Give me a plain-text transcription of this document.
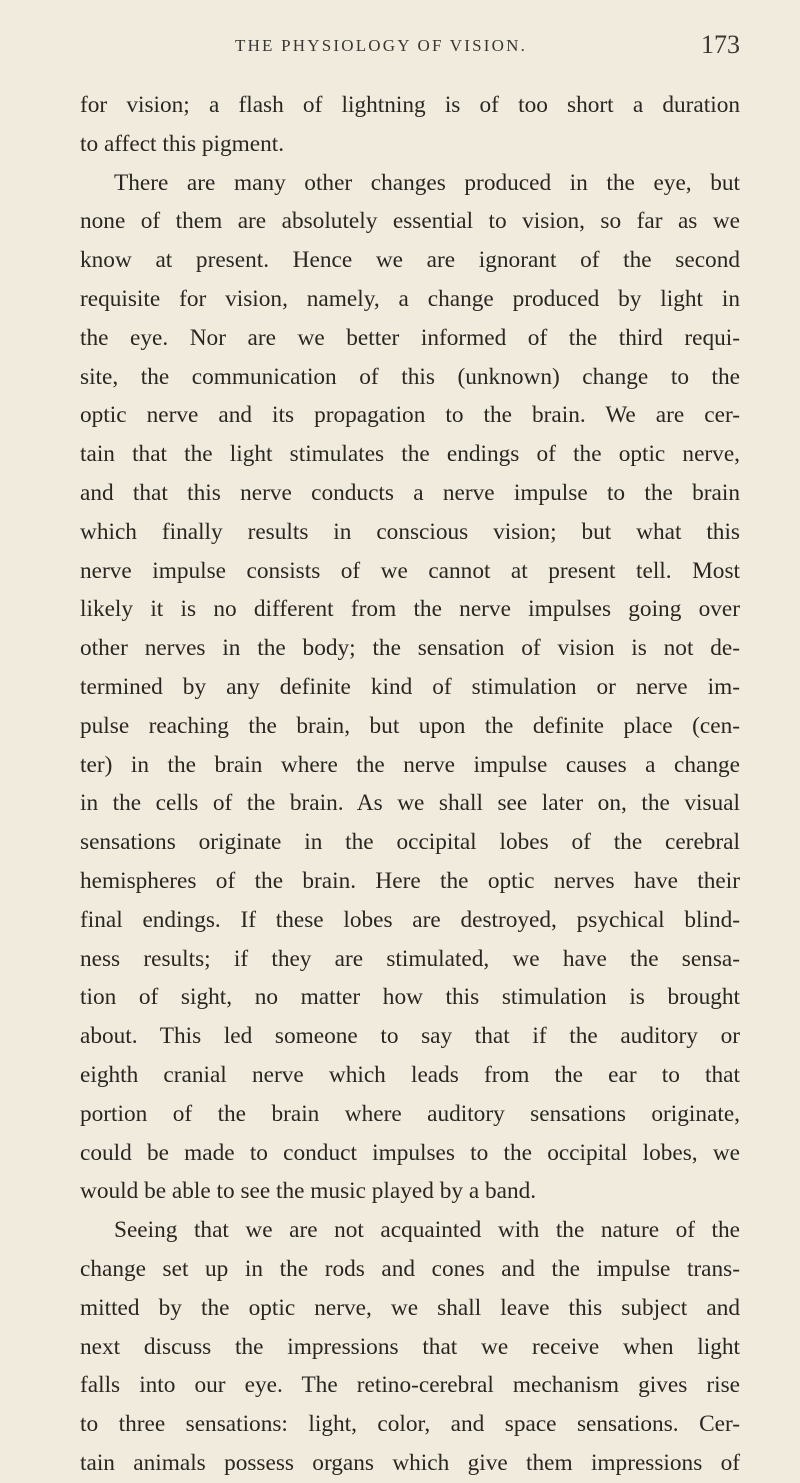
THE PHYSIOLOGY OF VISION.	173
for vision; a flash of lightning is of too short a duration
to affect this pigment.
There are many other changes produced in the eye, but
none of them are absolutely essential to vision, so far as we
know at present. Hence we are ignorant of the second
requisite for vision, namely, a change produced by light in
the eye. Nor are we better informed of the third requi-
site, the communication of this (unknown) change to the
optic nerve and its propagation to the brain. We are cer-
tain that the light stimulates the endings of the optic nerve,
and that this nerve conducts a nerve impulse to the brain
which finally results in conscious vision; but what this
nerve impulse consists of we cannot at present tell. Most
likely it is no different from the nerve impulses going over
other nerves in the body; the sensation of vision is not de-
termined by any definite kind of stimulation or nerve im-
pulse reaching the brain, but upon the definite place (cen-
ter) in the brain where the nerve impulse causes a change
in the cells of the brain. As we shall see later on, the visual
sensations originate in the occipital lobes of the cerebral
hemispheres of the brain. Here the optic nerves have their
final endings. If these lobes are destroyed, psychical blind-
ness results; if they are stimulated, we have the sensa-
tion of sight, no matter how this stimulation is brought
about. This led someone to say that if the auditory or
eighth cranial nerve which leads from the ear to that
portion of the brain where auditory sensations originate,
could be made to conduct impulses to the occipital lobes, we
would be able to see the music played by a band.
Seeing that we are not acquainted with the nature of the
change set up in the rods and cones and the impulse trans-
mitted by the optic nerve, we shall leave this subject and
next discuss the impressions that we receive when light
falls into our eye. The retino-cerebral mechanism gives rise
to three sensations: light, color, and space sensations. Cer-
tain animals possess organs which give them impressions of
